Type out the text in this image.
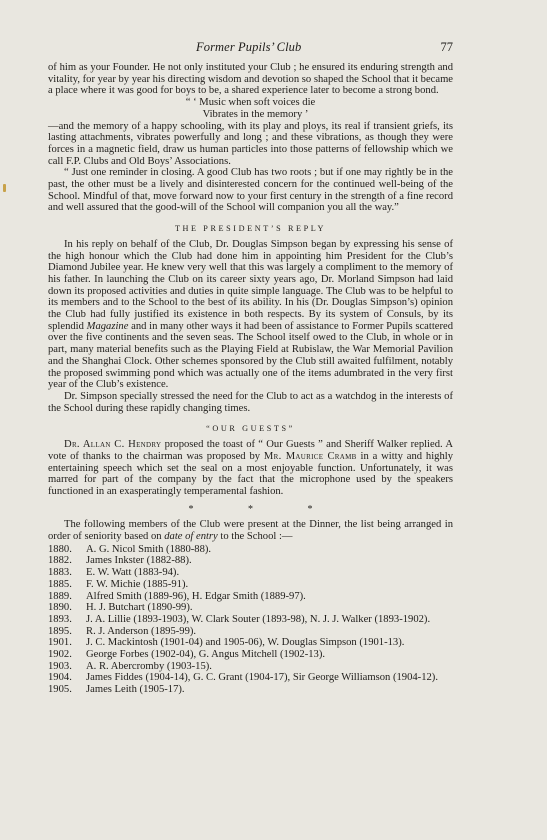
Former Pupils’ Club	77

of him as your Founder. He not only instituted your Club ; he ensured its enduring strength and vitality, for year by year his directing wisdom and devotion so shaped the School that it became a place where it was good for boys to be, a shared experience later to become a strong bond.

“ ‘ Music when soft voices die

Vibrates in the memory ’

—and the memory of a happy schooling, with its play and ploys, its real if transient griefs, its lasting attachments, vibrates powerfully and long ; and these vibrations, as though they were forces in a magnetic field, draw us human particles into those patterns of fellowship which we call F.P. Clubs and Old Boys’ Associations.

“ Just one reminder in closing. A good Club has two roots ; but if one may rightly be in the past, the other must be a lively and disinterested concern for the continued well-being of the School. Mindful of that, move forward now to your first century in the strength of a fine record and well assured that the good-will of the School will companion you all the way.”

THE PRESIDENT’S REPLY

In his reply on behalf of the Club, Dr. Douglas Simpson began by expressing his sense of the high honour which the Club had done him in appointing him President for the Club’s Diamond Jubilee year. He knew very well that this was largely a compliment to the memory of his father. In launching the Club on its career sixty years ago, Dr. Morland Simpson had laid down its proposed activities and duties in quite simple language. The Club was to be helpful to its members and to the School to the best of its ability. In his (Dr. Douglas Simpson’s) opinion the Club had fully justified its existence in both respects. By its system of Consuls, by its splendid Magazine and in many other ways it had been of assistance to Former Pupils scattered over the five continents and the seven seas. The School itself owed to the Club, in whole or in part, many material benefits such as the Playing Field at Rubislaw, the War Memorial Pavilion and the Shanghai Clock. Other schemes sponsored by the Club still awaited fulfilment, notably the proposed swimming pond which was actually one of the items adumbrated in the very first year of the Club’s existence.

Dr. Simpson specially stressed the need for the Club to act as a watchdog in the interests of the School during these rapidly changing times.

“OUR GUESTS”

Dr. Allan C. Hendry proposed the toast of “ Our Guests ” and Sheriff Walker replied. A vote of thanks to the chairman was proposed by Mr. Maurice Cramb in a witty and highly entertaining speech which set the seal on a most enjoyable function. Unfortunately, it was marred for part of the company by the fact that the microphone used by the speakers functioned in an exasperatingly temperamental fashion.

* * *

The following members of the Club were present at the Dinner, the list being arranged in order of seniority based on date of entry to the School :—

1880.	A. G. Nicol Smith (1880-88).
1882.	James Inkster (1882-88).
1883.	E. W. Watt (1883-94).
1885.	F. W. Michie (1885-91).
1889.	Alfred Smith (1889-96), H. Edgar Smith (1889-97).
1890.	H. J. Butchart (1890-99).
1893.	J. A. Lillie (1893-1903), W. Clark Souter (1893-98), N. J. J. Walker (1893-1902).
1895.	R. J. Anderson (1895-99).
1901.	J. C. Mackintosh (1901-04) and 1905-06), W. Douglas Simpson (1901-13).
1902.	George Forbes (1902-04), G. Angus Mitchell (1902-13).
1903.	A. R. Abercromby (1903-15).
1904.	James Fiddes (1904-14), G. C. Grant (1904-17), Sir George Williamson (1904-12).
1905.	James Leith (1905-17).
